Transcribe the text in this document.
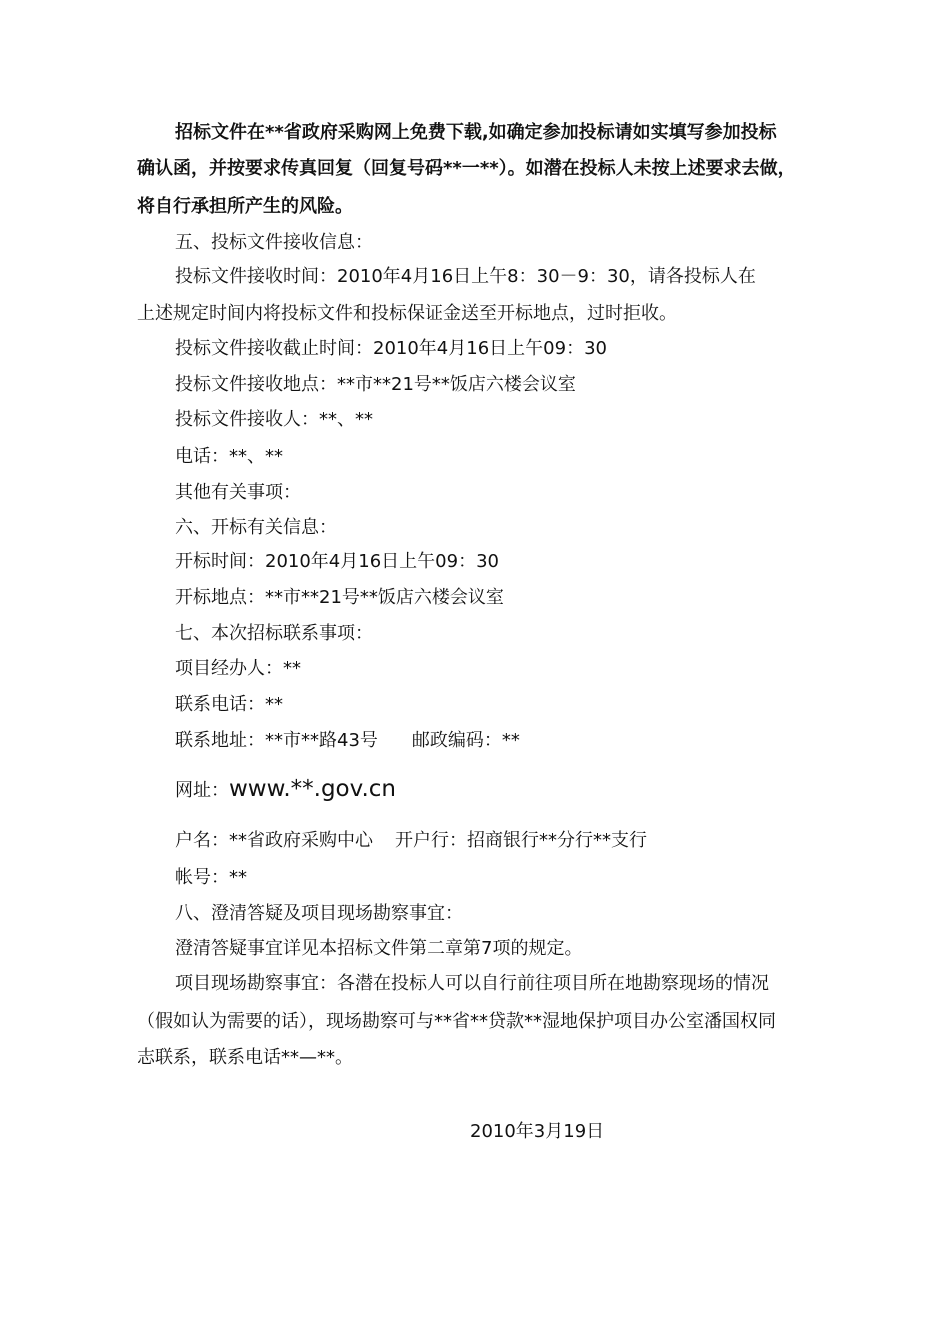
招标文件在**省政府采购网上免费下载,如确定参加投标请如实填写参加投标
确认函，并按要求传真回复（回复号码**一**）。如潜在投标人未按上述要求去做，
将自行承担所产生的风险。
五、投标文件接收信息：
投标文件接收时间：2010年4月16日上午8：30－9：30，请各投标人在
上述规定时间内将投标文件和投标保证金送至开标地点，过时拒收。
投标文件接收截止时间：2010年4月16日上午09：30
投标文件接收地点：**市**21号**饭店六楼会议室
投标文件接收人：**、**
电话：**、**
其他有关事项：
六、开标有关信息：
开标时间：2010年4月16日上午09：30
开标地点：**市**21号**饭店六楼会议室
七、本次招标联系事项：
项目经办人：**
联系电话：**
联系地址：**市**路43号 邮政编码：**
网址：www.**.gov.cn
户名：**省政府采购中心 开户行：招商银行**分行**支行
帐号：**
八、澄清答疑及项目现场勘察事宜：
澄清答疑事宜详见本招标文件第二章第7项的规定。
项目现场勘察事宜：各潜在投标人可以自行前往项目所在地勘察现场的情况
（假如认为需要的话），现场勘察可与**省**贷款**湿地保护项目办公室潘国权同
志联系，联系电话**—**。
2010年3月19日
